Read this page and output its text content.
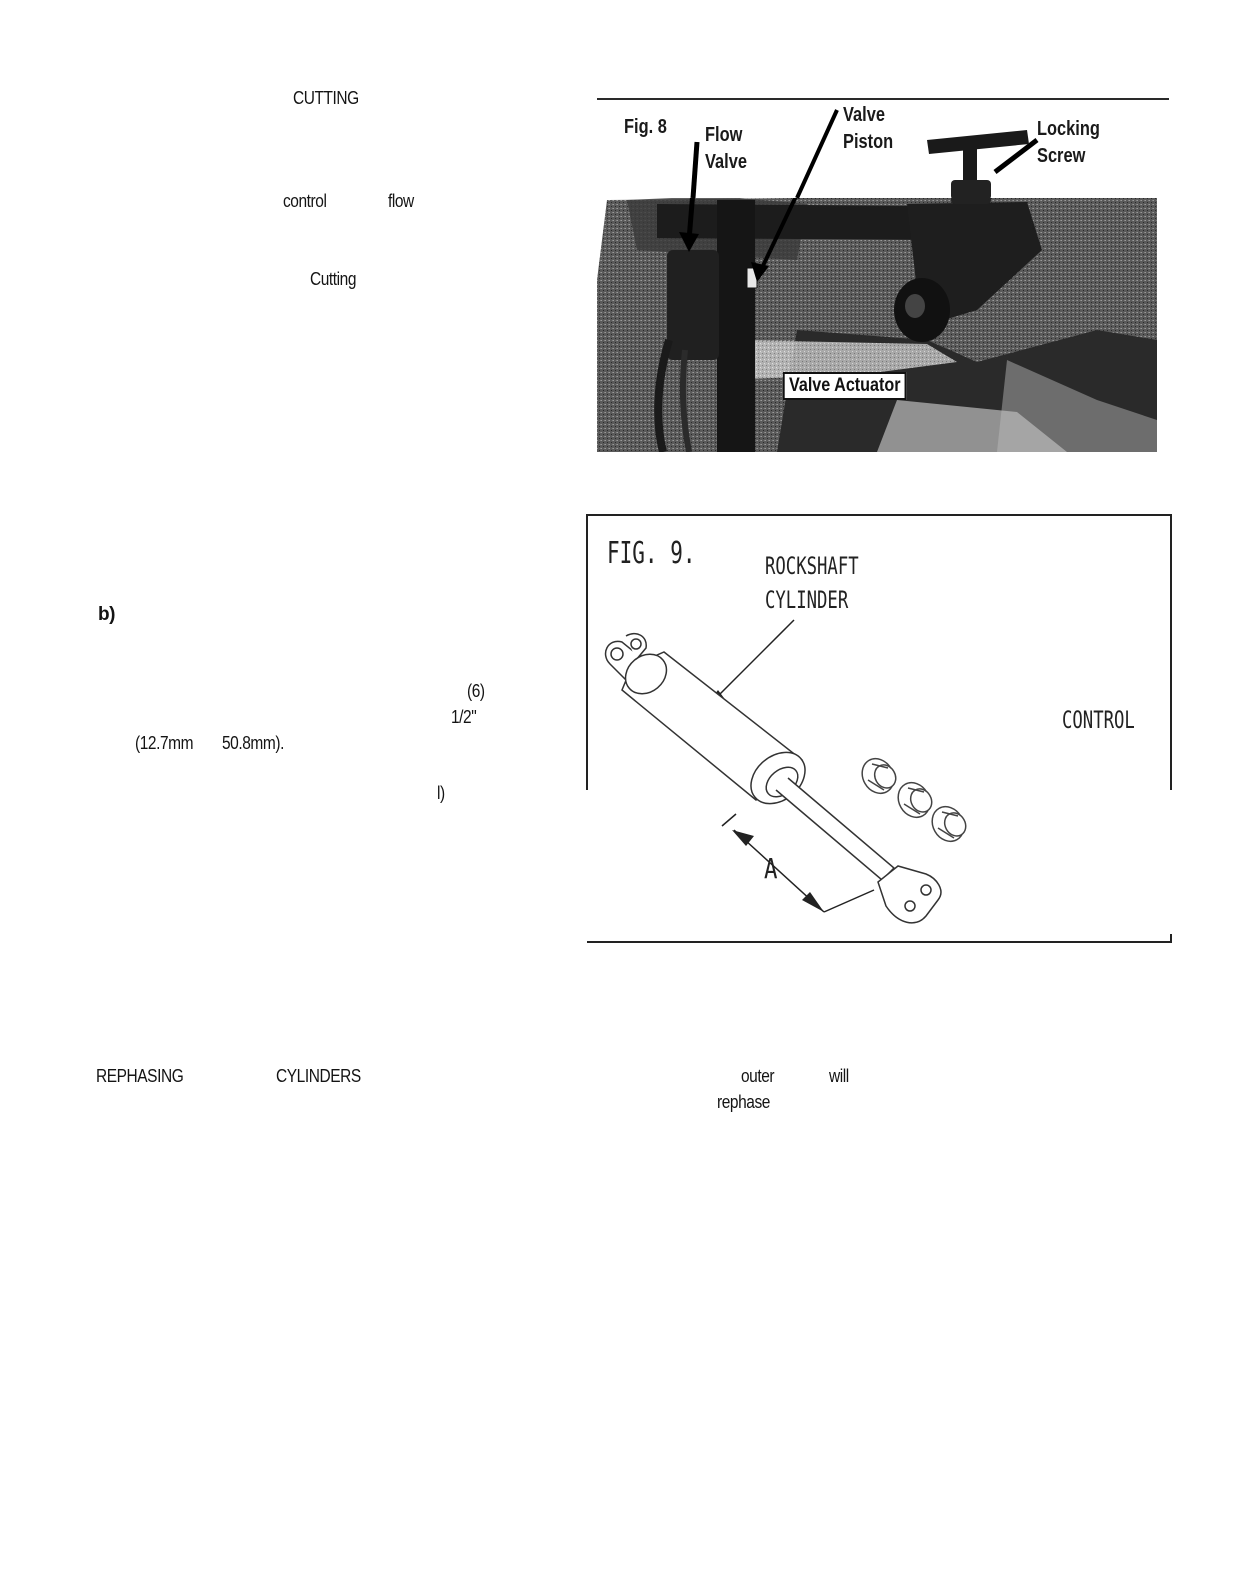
CUTTING
control	flow
Cutting
b)
(6)
1/2"
(12.7mm 50.8mm).
l)
REPHASING	CYLINDERS	outer	will
rephase
Fig. 8 Flow
Valve
Valve
Piston
Locking
Screw
Valve Actuator
FIG. 9.	ROCKSHAFT
CYLINDER
CONTROL
A
